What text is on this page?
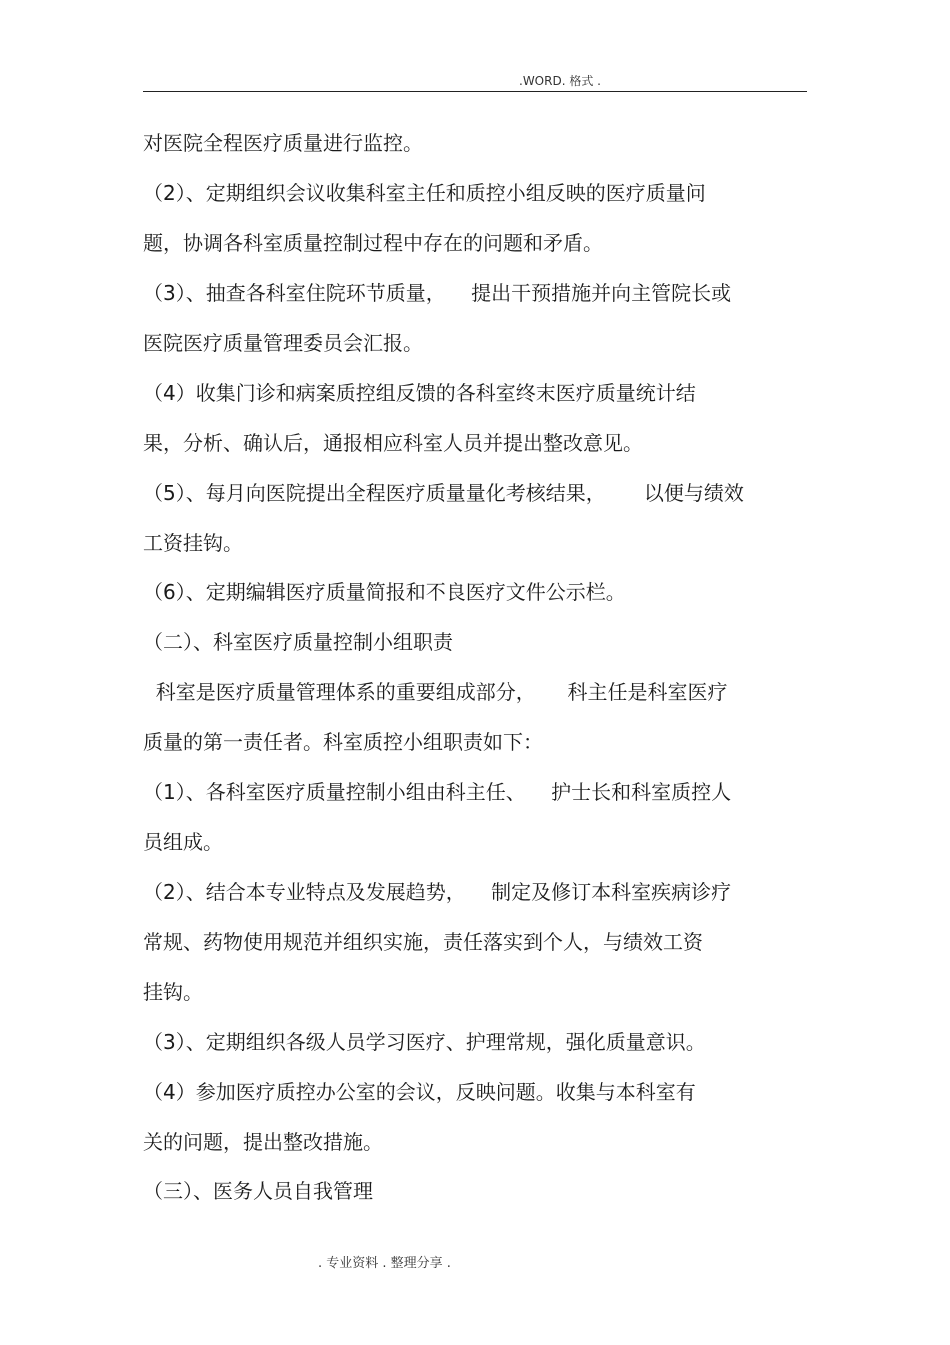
.WORD. 格式 .
对医院全程医疗质量进行监控。
（2）、定期组织会议收集科室主任和质控小组反映的医疗质量问
题，协调各科室质量控制过程中存在的问题和矛盾。
（3）、抽查各科室住院环节质量，    提出干预措施并向主管院长或
医院医疗质量管理委员会汇报。
（4）收集门诊和病案质控组反馈的各科室终末医疗质量统计结
果，分析、确认后，通报相应科室人员并提出整改意见。
（5）、每月向医院提出全程医疗质量量化考核结果，      以便与绩效
工资挂钩。
（6）、定期编辑医疗质量简报和不良医疗文件公示栏。
（二）、科室医疗质量控制小组职责
科室是医疗质量管理体系的重要组成部分，     科主任是科室医疗
质量的第一责任者。科室质控小组职责如下：
（1）、各科室医疗质量控制小组由科主任、    护士长和科室质控人
员组成。
（2）、结合本专业特点及发展趋势，    制定及修订本科室疾病诊疗
常规、药物使用规范并组织实施，责任落实到个人，与绩效工资
挂钩。
（3）、定期组织各级人员学习医疗、护理常规，强化质量意识。
（4）参加医疗质控办公室的会议，反映问题。收集与本科室有
关的问题，提出整改措施。
（三）、医务人员自我管理
. 专业资料 . 整理分享 .
